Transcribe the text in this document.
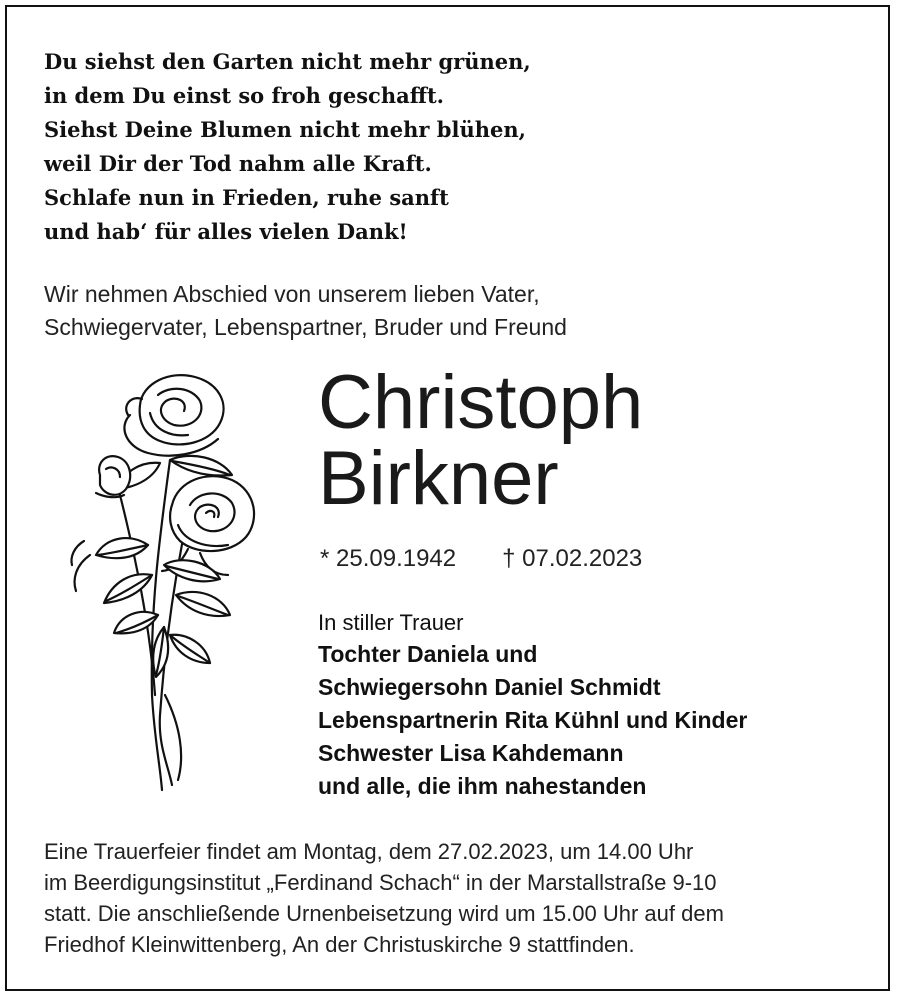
Du siehst den Garten nicht mehr grünen,
in dem Du einst so froh geschafft.
Siehst Deine Blumen nicht mehr blühen,
weil Dir der Tod nahm alle Kraft.
Schlafe nun in Frieden, ruhe sanft
und hab‘ für alles vielen Dank!
Wir nehmen Abschied von unserem lieben Vater,
Schwiegervater, Lebenspartner, Bruder und Freund
Christoph
Birkner
* 25.09.1942 † 07.02.2023
In stiller Trauer
Tochter Daniela und
Schwiegersohn Daniel Schmidt
Lebenspartnerin Rita Kühnl und Kinder
Schwester Lisa Kahdemann
und alle, die ihm nahestanden
Eine Trauerfeier findet am Montag, dem 27.02.2023, um 14.00 Uhr
im Beerdigungsinstitut „Ferdinand Schach“ in der Marstallstraße 9-10
statt. Die anschließende Urnenbeisetzung wird um 15.00 Uhr auf dem
Friedhof Kleinwittenberg, An der Christuskirche 9 stattfinden.
